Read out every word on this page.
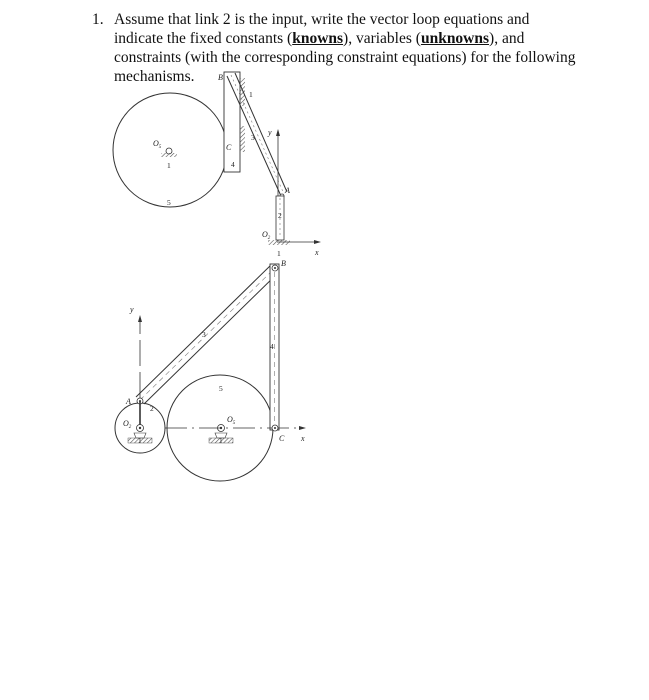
1. Assume that link 2 is the input, write the vector loop equations and indicate the fixed constants (knowns), variables (unknowns), and constraints (with the corresponding constraint equations) for the following mechanisms.
$O_5$
1
5
C
4
B
1
3
y
A
2
$O_2$
1	x
y
5
3
4
B
A
2
$O_2$
1
$O_5$
1	x
C
